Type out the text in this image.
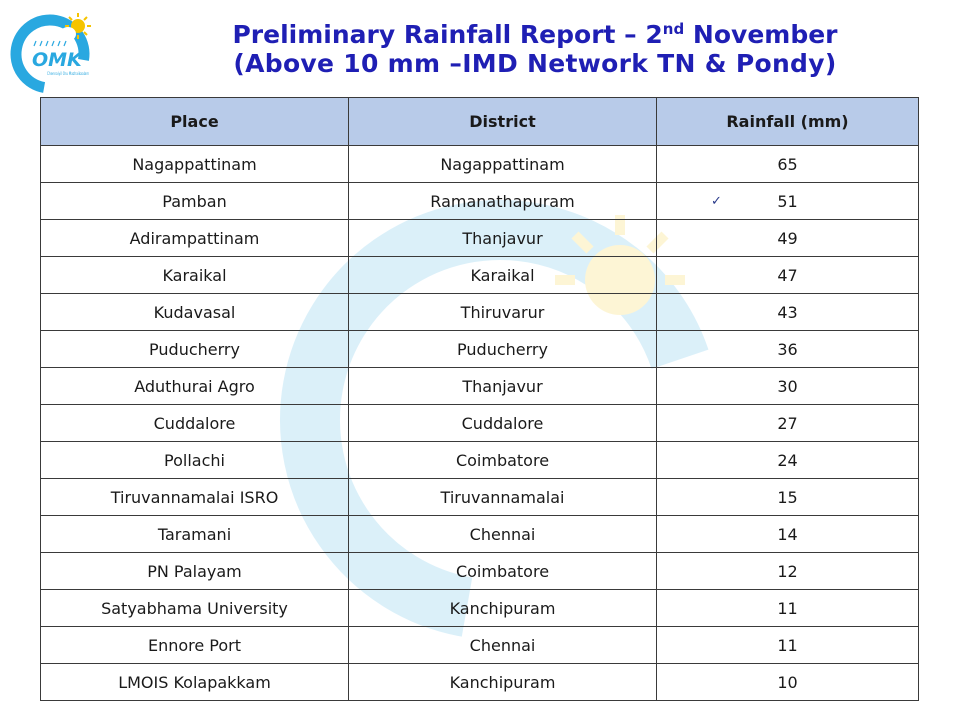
OMK
Chennaiyil Oru Mazhaikaalam
Preliminary Rainfall Report – 2nd November
(Above 10 mm –IMD Network TN & Pondy)
Place	District	Rainfall (mm)
Nagappattinam	Nagappattinam	65
Pamban	Ramanathapuram	51
Adirampattinam	Thanjavur	49
Karaikal	Karaikal	47
Kudavasal	Thiruvarur	43
Puducherry	Puducherry	36
Aduthurai Agro	Thanjavur	30
Cuddalore	Cuddalore	27
Pollachi	Coimbatore	24
Tiruvannamalai ISRO	Tiruvannamalai	15
Taramani	Chennai	14
PN Palayam	Coimbatore	12
Satyabhama University	Kanchipuram	11
Ennore Port	Chennai	11
LMOIS Kolapakkam	Kanchipuram	10
✓
